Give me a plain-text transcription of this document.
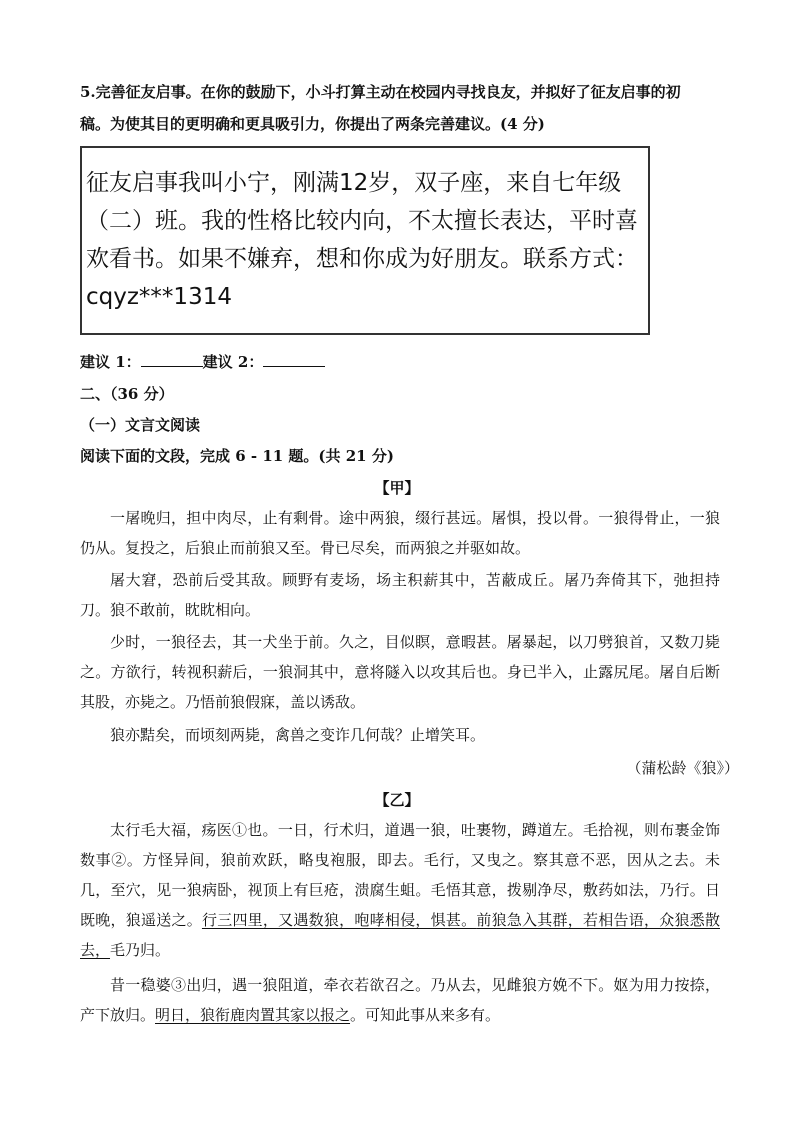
5.完善征友启事。在你的鼓励下，小斗打算主动在校园内寻找良友，并拟好了征友启事的初
稿。为使其目的更明确和更具吸引力，你提出了两条完善建议。(4 分)
征友启事我叫小宁，刚满12岁，双子座，来自七年级（二）班。我的性格比较内向，不太擅长表达，平时喜欢看书。如果不嫌弃，想和你成为好朋友。联系方式：cqyz***1314
建议 1：	建议 2：
二、（36 分）
（一）文言文阅读
阅读下面的文段，完成 6 - 11 题。(共 21 分)
【甲】
一屠晚归，担中肉尽，止有剩骨。途中两狼，缀行甚远。屠惧，投以骨。一狼得骨止，一狼仍从。复投之，后狼止而前狼又至。骨已尽矣，而两狼之并驱如故。
屠大窘，恐前后受其敌。顾野有麦场，场主积薪其中，苫蔽成丘。屠乃奔倚其下，弛担持刀。狼不敢前，眈眈相向。
少时，一狼径去，其一犬坐于前。久之，目似瞑，意暇甚。屠暴起，以刀劈狼首，又数刀毙之。方欲行，转视积薪后，一狼洞其中，意将隧入以攻其后也。身已半入，止露尻尾。屠自后断其股，亦毙之。乃悟前狼假寐，盖以诱敌。
狼亦黠矣，而顷刻两毙，禽兽之变诈几何哉？止增笑耳。
（蒲松龄《狼》）
【乙】
太行毛大福，疡医①也。一日，行术归，道遇一狼，吐裹物，蹲道左。毛拾视，则布裹金饰数事②。方怪异间，狼前欢跃，略曳袍服，即去。毛行，又曳之。察其意不恶，因从之去。未几，至穴，见一狼病卧，视顶上有巨疮，溃腐生蛆。毛悟其意，拨剔净尽，敷药如法，乃行。日既晚，狼遥送之。行三四里，又遇数狼，咆哮相侵，惧甚。前狼急入其群，若相告语，众狼悉散去，毛乃归。
昔一稳婆③出归，遇一狼阻道，牵衣若欲召之。乃从去，见雌狼方娩不下。妪为用力按捺，产下放归。明日，狼衔鹿肉置其家以报之。可知此事从来多有。
